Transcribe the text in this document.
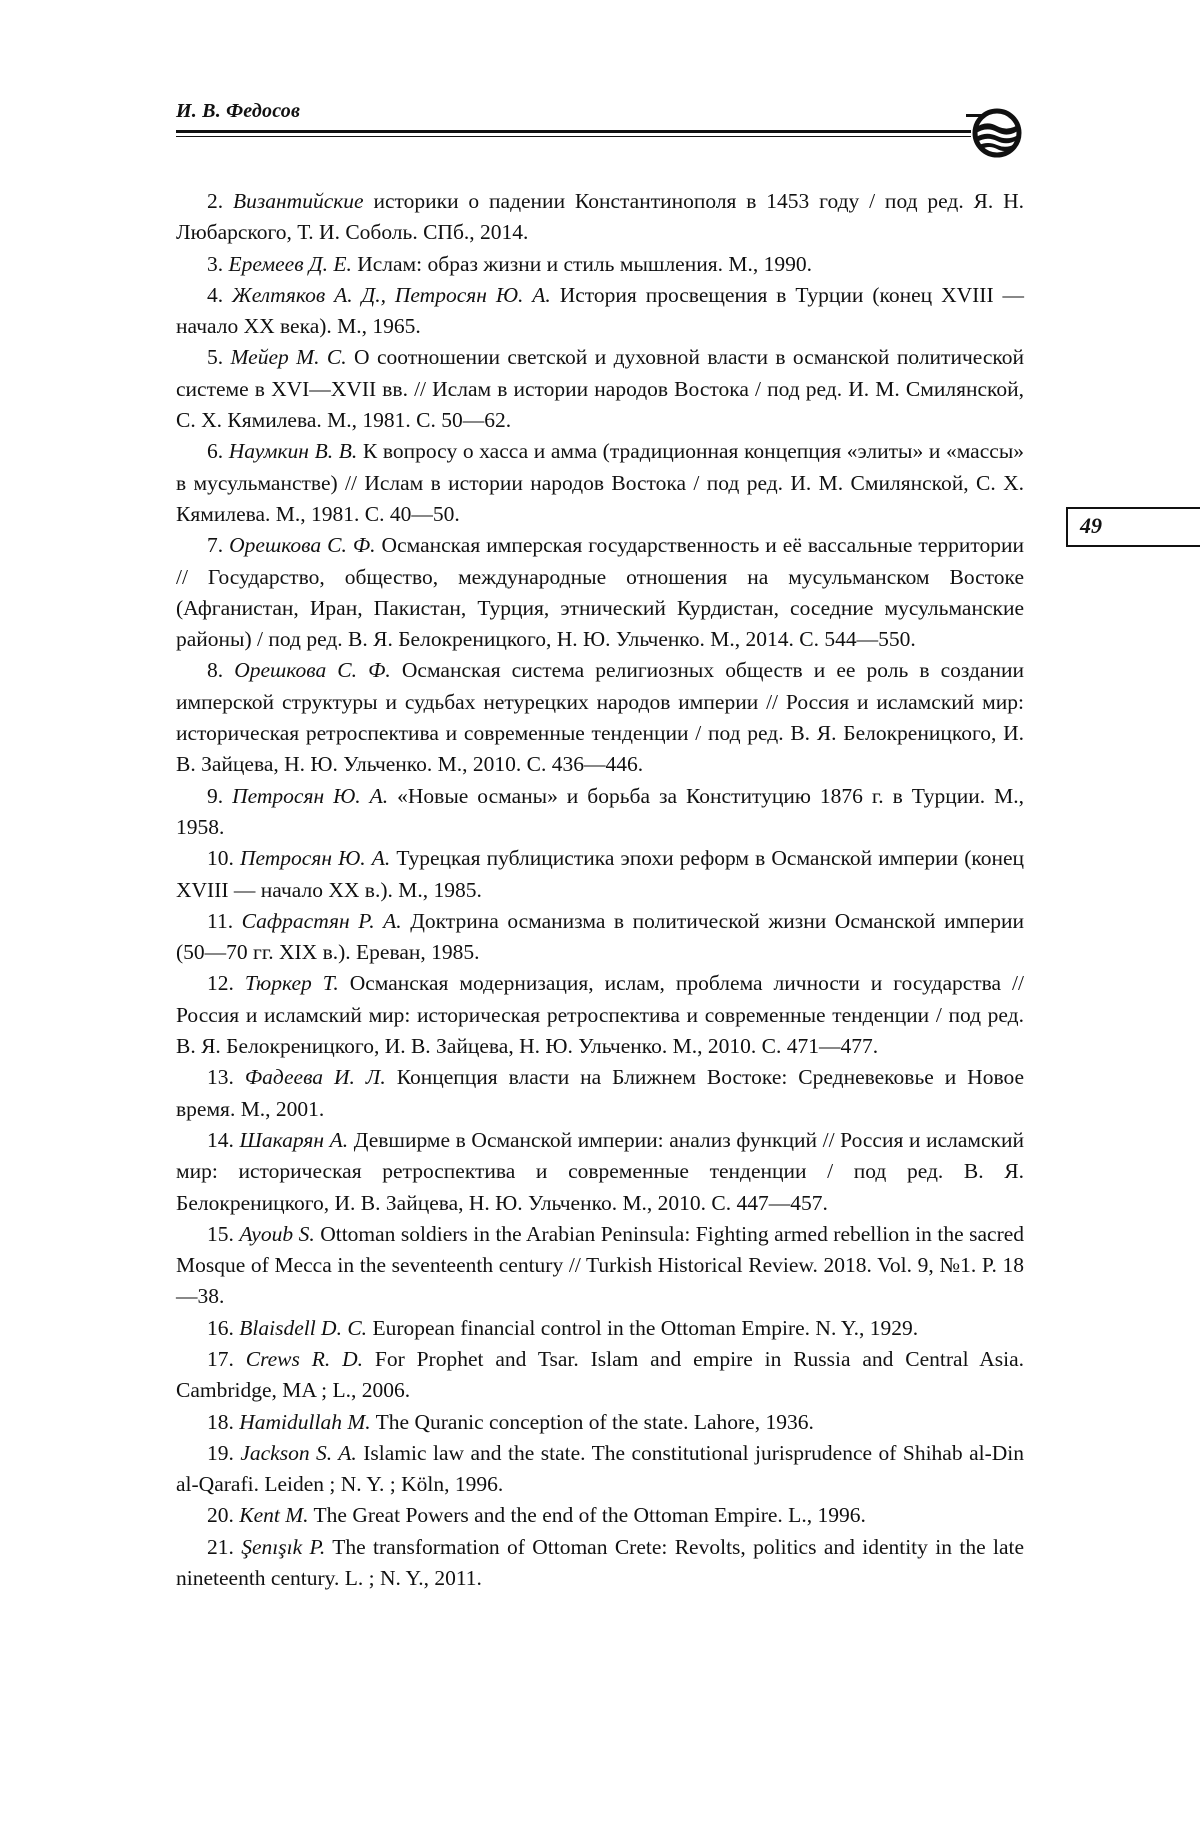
И. В. Федосов
49

2. Византийские историки о падении Константинополя в 1453 году / под ред. Я. Н. Любарского, Т. И. Соболь. СПб., 2014.

3. Еремеев Д. Е. Ислам: образ жизни и стиль мышления. М., 1990.

4. Желтяков А. Д., Петросян Ю. А. История просвещения в Турции (конец XVIII — начало XX века). М., 1965.

5. Мейер М. С. О соотношении светской и духовной власти в османской политической системе в XVI—XVII вв. // Ислам в истории народов Востока / под ред. И. М. Смилянской, С. Х. Кямилева. М., 1981. С. 50—62.

6. Наумкин В. В. К вопросу о хасса и амма (традиционная концепция «элиты» и «массы» в мусульманстве) // Ислам в истории народов Востока / под ред. И. М. Смилянской, С. Х. Кямилева. М., 1981. С. 40—50.

7. Орешкова С. Ф. Османская имперская государственность и её вассальные территории // Государство, общество, международные отношения на мусульманском Востоке (Афганистан, Иран, Пакистан, Турция, этнический Курдистан, соседние мусульманские районы) / под ред. В. Я. Белокреницкого, Н. Ю. Ульченко. М., 2014. С. 544—550.

8. Орешкова С. Ф. Османская система религиозных обществ и ее роль в создании имперской структуры и судьбах нетурецких народов империи // Россия и исламский мир: историческая ретроспектива и современные тенденции / под ред. В. Я. Белокреницкого, И. В. Зайцева, Н. Ю. Ульченко. М., 2010. С. 436—446.

9. Петросян Ю. А. «Новые османы» и борьба за Конституцию 1876 г. в Турции. М., 1958.

10. Петросян Ю. А. Турецкая публицистика эпохи реформ в Османской империи (конец XVIII — начало XX в.). М., 1985.

11. Сафрастян Р. А. Доктрина османизма в политической жизни Османской империи (50—70 гг. XIX в.). Ереван, 1985.

12. Тюркер Т. Османская модернизация, ислам, проблема личности и государства // Россия и исламский мир: историческая ретроспектива и современные тенденции / под ред. В. Я. Белокреницкого, И. В. Зайцева, Н. Ю. Ульченко. М., 2010. С. 471—477.

13. Фадеева И. Л. Концепция власти на Ближнем Востоке: Средневековье и Новое время. М., 2001.

14. Шакарян А. Девширме в Османской империи: анализ функций // Россия и исламский мир: историческая ретроспектива и современные тенденции / под ред. В. Я. Белокреницкого, И. В. Зайцева, Н. Ю. Ульченко. М., 2010. С. 447—457.

15. Ayoub S. Ottoman soldiers in the Arabian Peninsula: Fighting armed rebellion in the sacred Mosque of Mecca in the seventeenth century // Turkish Historical Review. 2018. Vol. 9, №1. P. 18—38.

16. Blaisdell D. C. European financial control in the Ottoman Empire. N. Y., 1929.

17. Crews R. D. For Prophet and Tsar. Islam and empire in Russia and Central Asia. Cambridge, MA ; L., 2006.

18. Hamidullah M. The Quranic conception of the state. Lahore, 1936.

19. Jackson S. A. Islamic law and the state. The constitutional jurisprudence of Shihab al-Din al-Qarafi. Leiden ; N. Y. ; Köln, 1996.

20. Kent M. The Great Powers and the end of the Ottoman Empire. L., 1996.

21. Şenışık P. The transformation of Ottoman Crete: Revolts, politics and identity in the late nineteenth century. L. ; N. Y., 2011.
